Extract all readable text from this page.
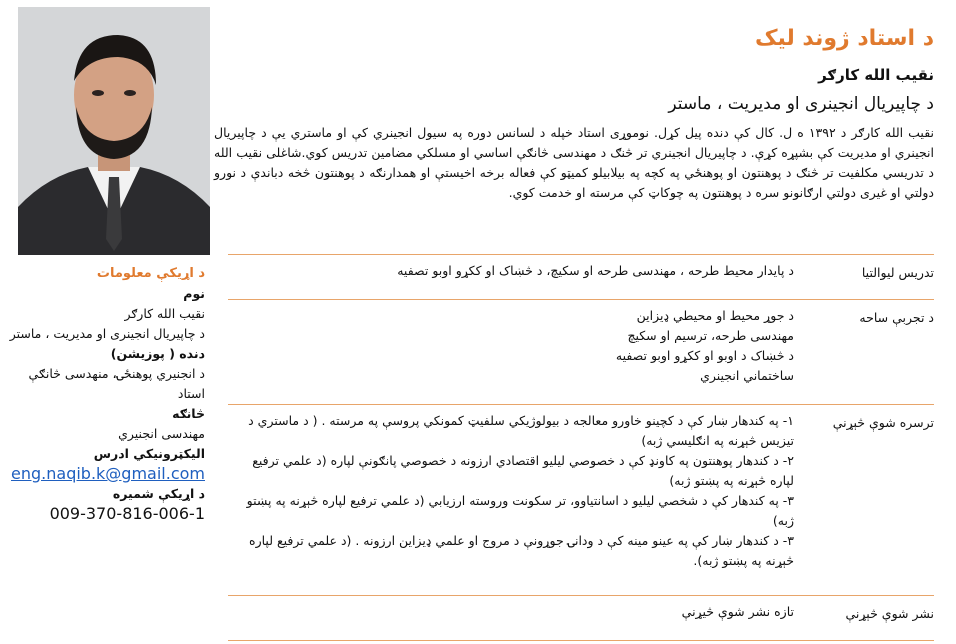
د استاد ژوند لیک
نقیب الله کارګر
د چاپیریال انجینری او مدیریت ، ماستر
نقیب الله کارګر د ۱۳۹۲ ه ل. کال کې دنده پیل کړل. نوموړی استاد خپله د لسانس دوره په سیول انجینري کې او ماستري یې د چاپیریال انجینري او مدیریت کې بشپړه کړې. د چاپیریال انجینري تر څنګ د مهندسی څانګې اساسي او مسلکي مضامین تدریس کوي.شاغلی نقیب الله د تدریسي مکلفیت تر څنګ د پوهنتون او پوهنځي په کچه په بیلابیلو کمیټو کې فعاله برخه اخیستې او همدارنګه د پوهنتون څخه دباندې د نورو دولتي او غیری دولتي ارګانونو سره د پوهنتون په چوکاټ کې مرسته او خدمت کوي.
تدریس لیوالتیا
د پایدار محیط طرحه ، مهندسی طرحه او سکیچ، د څښاک او ککړو اوبو تصفیه
د تجربې ساحه
د جوړ محیط او محیطي ډیزاین
مهندسی طرحه، ترسیم او سکیچ
د څښاک د اوبو او ککړو اوبو تصفیه
ساختماني انجینري
ترسره شوې څېړنې
۱- په کندهار ښار کې د کچینو خاورو معالجه د بیولوژیکي سلفیټ کمونکي پروسې په مرسته . ( د ماستري د تیزیس څېړنه په انګلیسي ژبه)
۲- د کندهار پوهنتون په کاونډ کې د خصوصي لیلیو اقتصادي ارزونه د خصوصي پانګونې لپاره (د علمي ترفیع لپاره څېړنه په پښتو ژبه)
۳- په کندهار کې د شخصي لیلیو د اسانتیاوو، تر سکونت وروسته ارزیابي (د علمي ترفیع لپاره څېړنه په پښتو ژبه)
۳- د کندهار ښار کې په عینو مینه کې د ودانۍ جوړونې د مروج او علمي ډیزاین ارزونه . (د علمي ترفیع لپاره څېړنه په پښتو ژبه).
نشر شوې څېړنې
تازه نشر شوې څیړنې
د اړیکې معلومات
نوم
نقیب الله کارګر
د چاپیریال انجینری او مدیریت ، ماستر
دنده ( پوزیشن)
د انجنیري پوهنځۍ، منهدسی څانګې استاد
څانګه
مهندسی انجنیري
الیکټرونیکي ادرس
eng.naqib.k@gmail.com
د اړیکې شمیره
009-370-816-006-1
